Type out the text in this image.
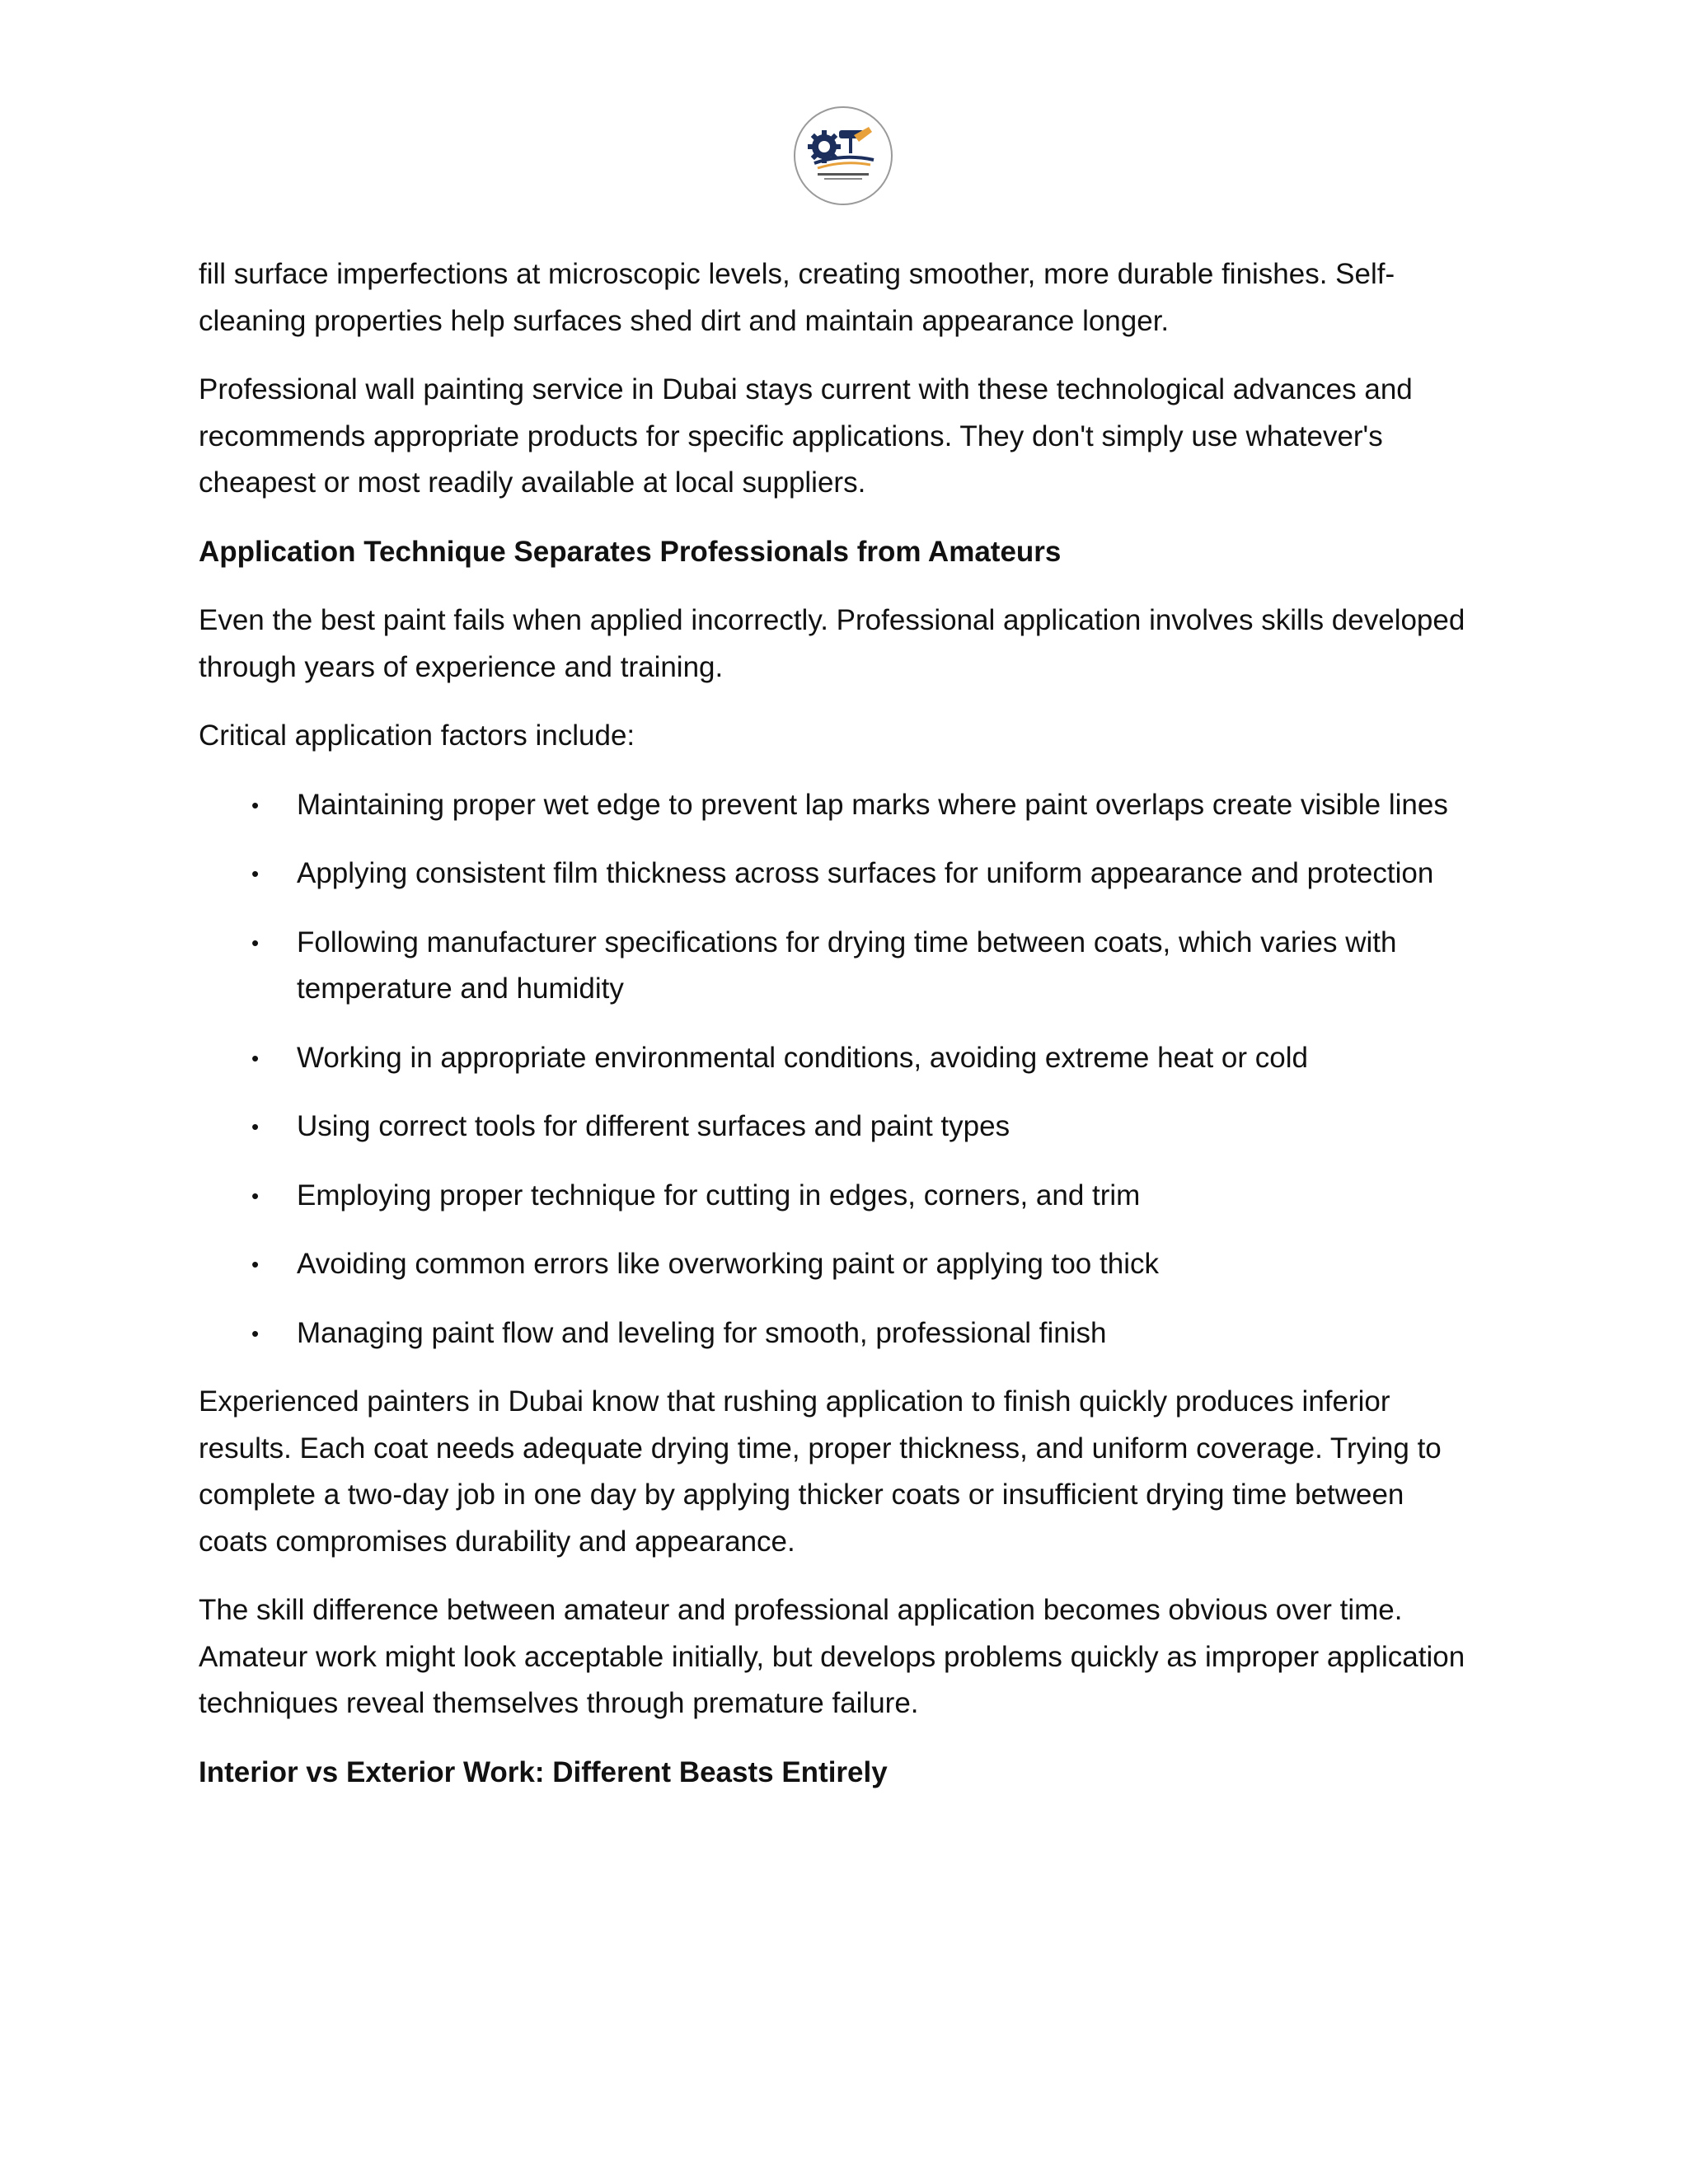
fill surface imperfections at microscopic levels, creating smoother, more durable finishes. Self-cleaning properties help surfaces shed dirt and maintain appearance longer.

Professional wall painting service in Dubai stays current with these technological advances and recommends appropriate products for specific applications. They don't simply use whatever's cheapest or most readily available at local suppliers.

Application Technique Separates Professionals from Amateurs

Even the best paint fails when applied incorrectly. Professional application involves skills developed through years of experience and training.

Critical application factors include:

• Maintaining proper wet edge to prevent lap marks where paint overlaps create visible lines
• Applying consistent film thickness across surfaces for uniform appearance and protection
• Following manufacturer specifications for drying time between coats, which varies with temperature and humidity
• Working in appropriate environmental conditions, avoiding extreme heat or cold
• Using correct tools for different surfaces and paint types
• Employing proper technique for cutting in edges, corners, and trim
• Avoiding common errors like overworking paint or applying too thick
• Managing paint flow and leveling for smooth, professional finish

Experienced painters in Dubai know that rushing application to finish quickly produces inferior results. Each coat needs adequate drying time, proper thickness, and uniform coverage. Trying to complete a two-day job in one day by applying thicker coats or insufficient drying time between coats compromises durability and appearance.

The skill difference between amateur and professional application becomes obvious over time. Amateur work might look acceptable initially, but develops problems quickly as improper application techniques reveal themselves through premature failure.

Interior vs Exterior Work: Different Beasts Entirely
